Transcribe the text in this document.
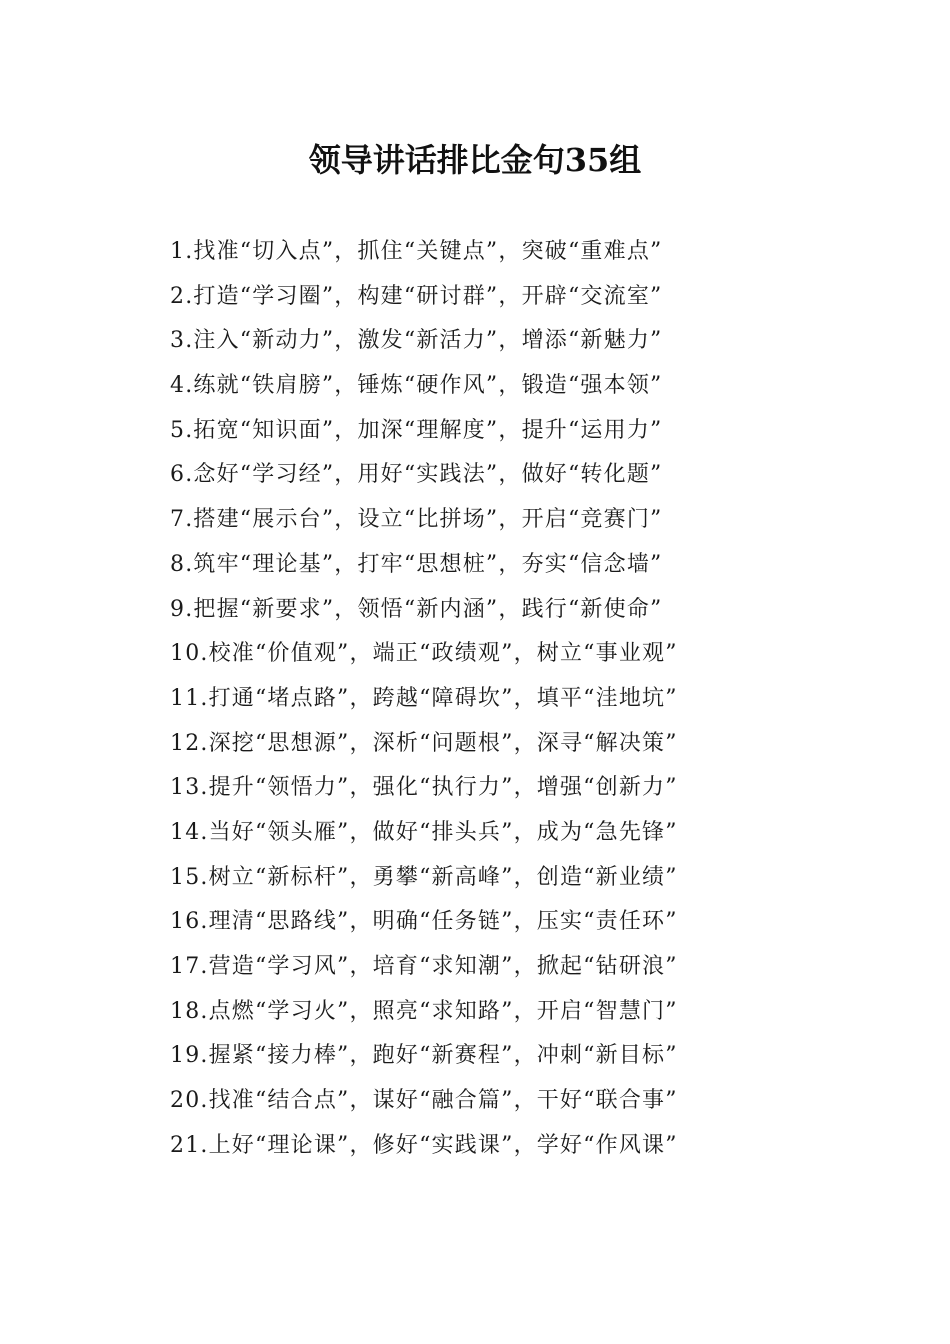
领导讲话排比金句35组
1.找准“切入点”，抓住“关键点”，突破“重难点”
2.打造“学习圈”，构建“研讨群”，开辟“交流室”
3.注入“新动力”，激发“新活力”，增添“新魅力”
4.练就“铁肩膀”，锤炼“硬作风”，锻造“强本领”
5.拓宽“知识面”，加深“理解度”，提升“运用力”
6.念好“学习经”，用好“实践法”，做好“转化题”
7.搭建“展示台”，设立“比拼场”，开启“竞赛门”
8.筑牢“理论基”，打牢“思想桩”，夯实“信念墙”
9.把握“新要求”，领悟“新内涵”，践行“新使命”
10.校准“价值观”，端正“政绩观”，树立“事业观”
11.打通“堵点路”，跨越“障碍坎”，填平“洼地坑”
12.深挖“思想源”，深析“问题根”，深寻“解决策”
13.提升“领悟力”，强化“执行力”，增强“创新力”
14.当好“领头雁”，做好“排头兵”，成为“急先锋”
15.树立“新标杆”，勇攀“新高峰”，创造“新业绩”
16.理清“思路线”，明确“任务链”，压实“责任环”
17.营造“学习风”，培育“求知潮”，掀起“钻研浪”
18.点燃“学习火”，照亮“求知路”，开启“智慧门”
19.握紧“接力棒”，跑好“新赛程”，冲刺“新目标”
20.找准“结合点”，谋好“融合篇”，干好“联合事”
21.上好“理论课”，修好“实践课”，学好“作风课”
